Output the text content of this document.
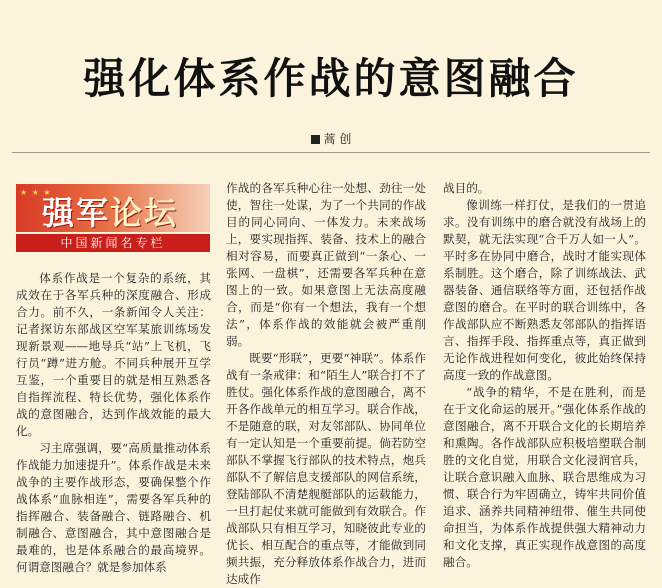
强化体系作战的意图融合
蒿 创
★ ★ ★
强军论坛
中国新闻名专栏

体系作战是一个复杂的系统，其成效在于各军兵种的深度融合、形成合力。前不久，一条新闻令人关注：记者探访东部战区空军某旅训练场发现新景观——地导兵“站”上飞机，飞行员“蹲”进方舱。不同兵种展开互学互鉴，一个重要目的就是相互熟悉各自指挥流程、特长优势，强化体系作战的意图融合，达到作战效能的最大化。

习主席强调，要“高质量推动体系作战能力加速提升”。体系作战是未来战争的主要作战形态，要确保整个作战体系“血脉相连”，需要各军兵种的指挥融合、装备融合、链路融合、机制融合、意图融合，其中意图融合是最难的，也是体系融合的最高境界。何谓意图融合？就是参加体系

作战的各军兵种心往一处想、劲往一处使，智往一处谋，为了一个共同的作战目的同心同向、一体发力。未来战场上，要实现指挥、装备、技术上的融合相对容易，而要真正做到“一条心、一张网、一盘棋”，还需要各军兵种在意图上的一致。如果意图上无法高度融合，而是“你有一个想法，我有一个想法”，体系作战的效能就会被严重削弱。

既要“形联”，更要“神联”。体系作战有一条戒律：和“陌生人”联合打不了胜仗。强化体系作战的意图融合，离不开各作战单元的相互学习。联合作战，不是随意的联，对友邻部队、协同单位有一定认知是一个重要前提。倘若防空部队不掌握飞行部队的技术特点，炮兵部队不了解信息支援部队的网信系统，登陆部队不清楚舰艇部队的运载能力，一旦打起仗来就可能做到有效联合。作战部队只有相互学习，知晓彼此专业的优长、相互配合的重点等，才能做到同频共振，充分释放体系作战合力，进而达成作

战目的。

像训练一样打仗，是我们的一贯追求。没有训练中的磨合就没有战场上的默契，就无法实现“合千万人如一人”。平时多在协同中磨合，战时才能实现体系制胜。这个磨合，除了训练战法、武器装备、通信联络等方面，还包括作战意图的磨合。在平时的联合训练中，各作战部队应不断熟悉友邻部队的指挥语言、指挥手段、指挥重点等，真正做到无论作战进程如何变化，彼此始终保持高度一致的作战意图。

“战争的精华，不是在胜利，而是在于文化命运的展开。”强化体系作战的意图融合，离不开联合文化的长期培养和熏陶。各作战部队应积极培塑联合制胜的文化自觉，用联合文化浸润官兵，让联合意识融入血脉、联合思维成为习惯、联合行为牢固确立，铸牢共同价值追求、涵养共同精神纽带、催生共同使命担当，为体系作战提供强大精神动力和文化支撑，真正实现作战意图的高度融合。
